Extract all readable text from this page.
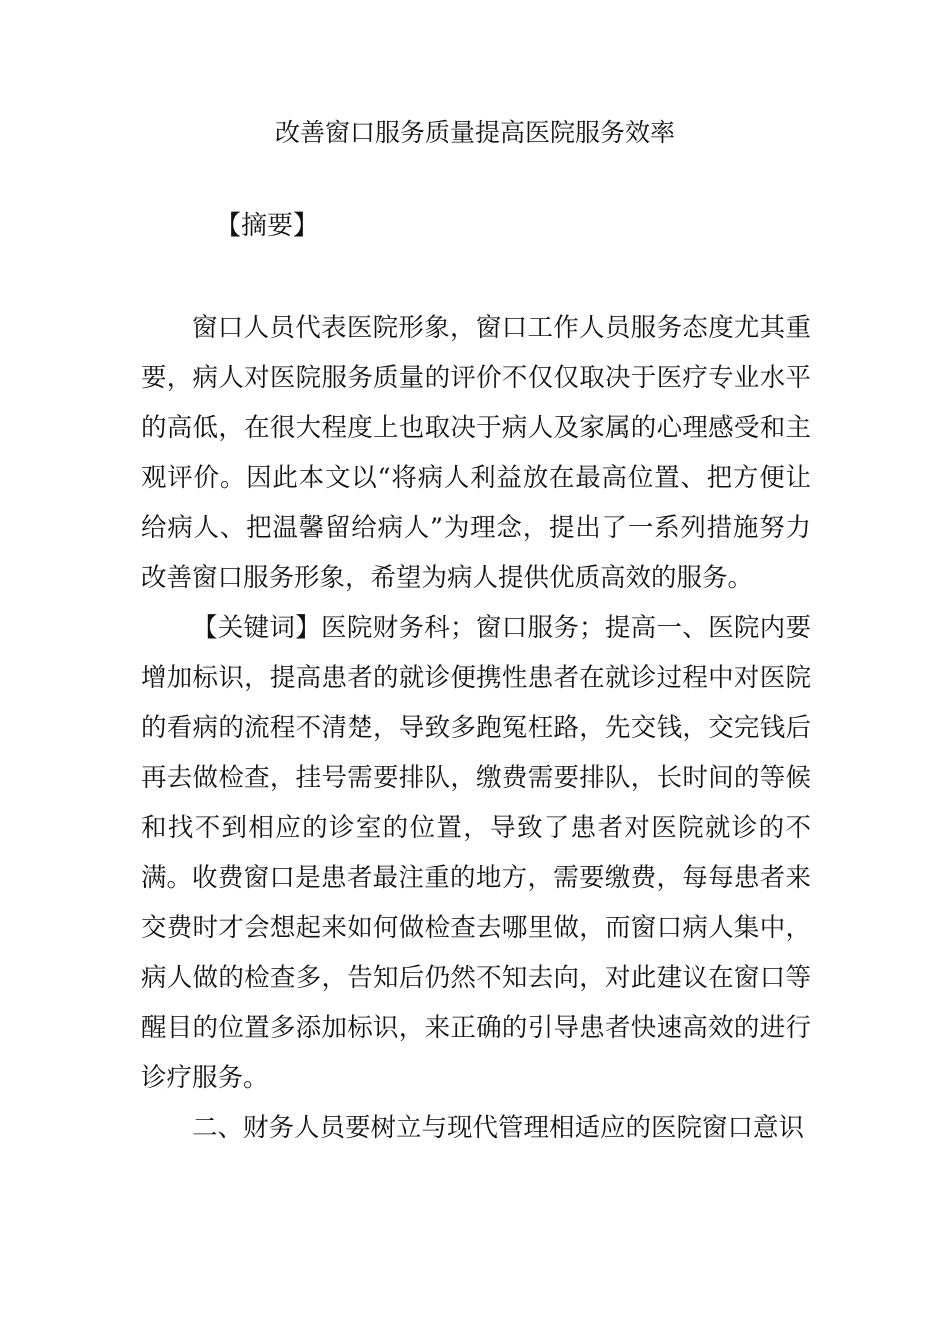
改善窗口服务质量提高医院服务效率
【摘要】

窗口人员代表医院形象，窗口工作人员服务态度尤其重要，病人对医院服务质量的评价不仅仅取决于医疗专业水平的高低，在很大程度上也取决于病人及家属的心理感受和主观评价。因此本文以“将病人利益放在最高位置、把方便让给病人、把温馨留给病人”为理念，提出了一系列措施努力改善窗口服务形象，希望为病人提供优质高效的服务。

【关键词】医院财务科；窗口服务；提高一、医院内要增加标识，提高患者的就诊便携性患者在就诊过程中对医院的看病的流程不清楚，导致多跑冤枉路，先交钱，交完钱后再去做检查，挂号需要排队，缴费需要排队，长时间的等候和找不到相应的诊室的位置，导致了患者对医院就诊的不满。 收费窗口是患者最注重的地方，需要缴费，每每患者来交费时才会想起来如何做检查去哪里做，而窗口病人集中，病人做的检查多，告知后仍然不知去向，对此建议在窗口等醒目的位置多添加标识，来正确的引导患者快速高效的进行诊疗服务。

二、财务人员要树立与现代管理相适应的医院窗口意识
